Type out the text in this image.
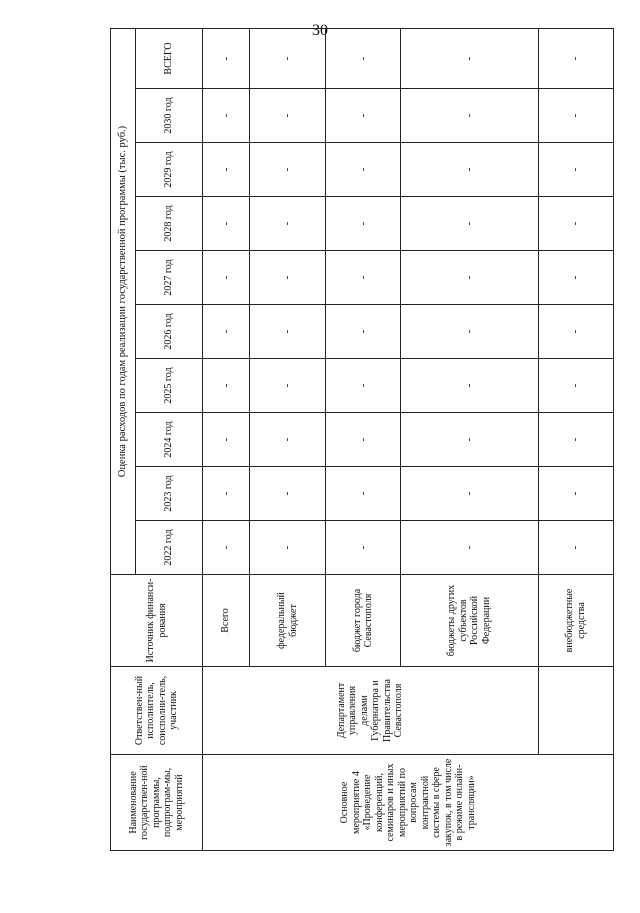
30
Наименование государствен-ной программы, подпрограм-мы, мероприятий	Ответствен-ный исполнитель, соисполни-тель, участник	Источник финанси-рования	Оценка расходов по годам реализации государственной программы (тыс. руб.)									
			2022 год	2023 год	2024 год	2025 год	2026 год	2027 год	2028 год	2029 год	2030 год	ВСЕГО
Основное мероприятие 4 «Проведение конференций, семинаров и иных мероприятий по вопросам контрактной системы в сфере закупок, в том числе в режиме онлайн-трансляции»	Департамент управления делами Губернатора и Правительства Севастополя	Всего	-	-	-	-	-	-	-	-	-	-
		федеральный бюджет	-	-	-	-	-	-	-	-	-	-
		бюджет города Севастополя	-	-	-	-	-	-	-	-	-	-
		бюджеты других субъектов Российской Федерации	-	-	-	-	-	-	-	-	-	-
		внебюджетные средства	-	-	-	-	-	-	-	-	-	-
